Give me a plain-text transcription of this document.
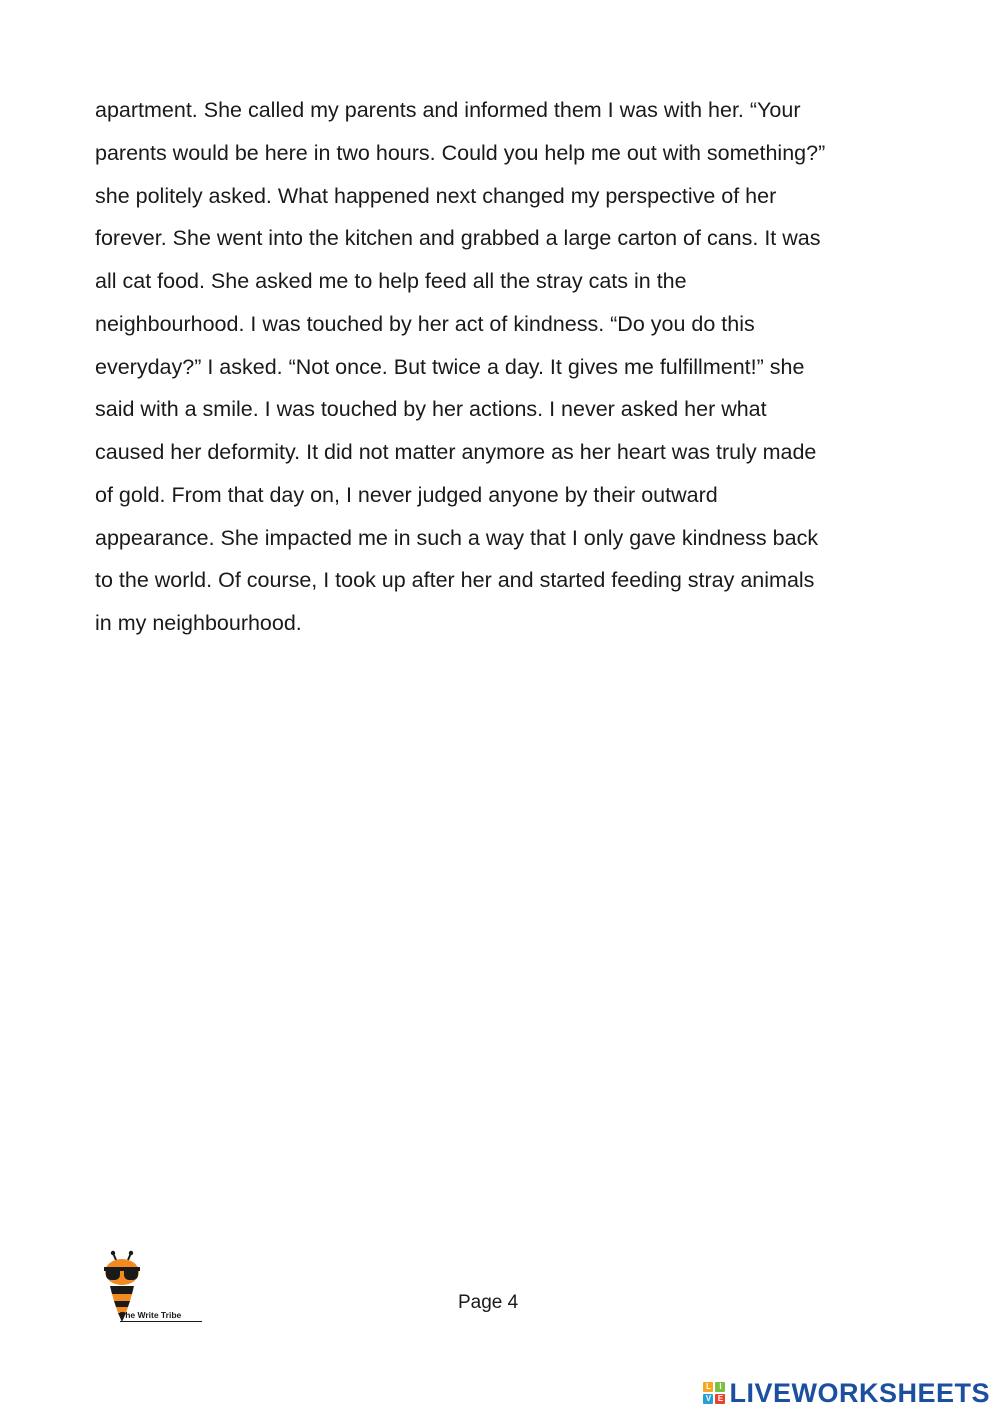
apartment. She called my parents and informed them I was with her. “Your
parents would be here in two hours. Could you help me out with something?”
she politely asked. What happened next changed my perspective of her
forever. She went into the kitchen and grabbed a large carton of cans. It was
all cat food. She asked me to help feed all the stray cats in the
neighbourhood. I was touched by her act of kindness. “Do you do this
everyday?” I asked. “Not once. But twice a day. It gives me fulfillment!” she
said with a smile. I was touched by her actions. I never asked her what
caused her deformity. It did not matter anymore as her heart was truly made
of gold. From that day on, I never judged anyone by their outward
appearance. She impacted me in such a way that I only gave kindness back
to the world. Of course, I took up after her and started feeding stray animals
in my neighbourhood.
The Write Tribe
Page 4
L	I
V E LIVEWORKSHEETS
